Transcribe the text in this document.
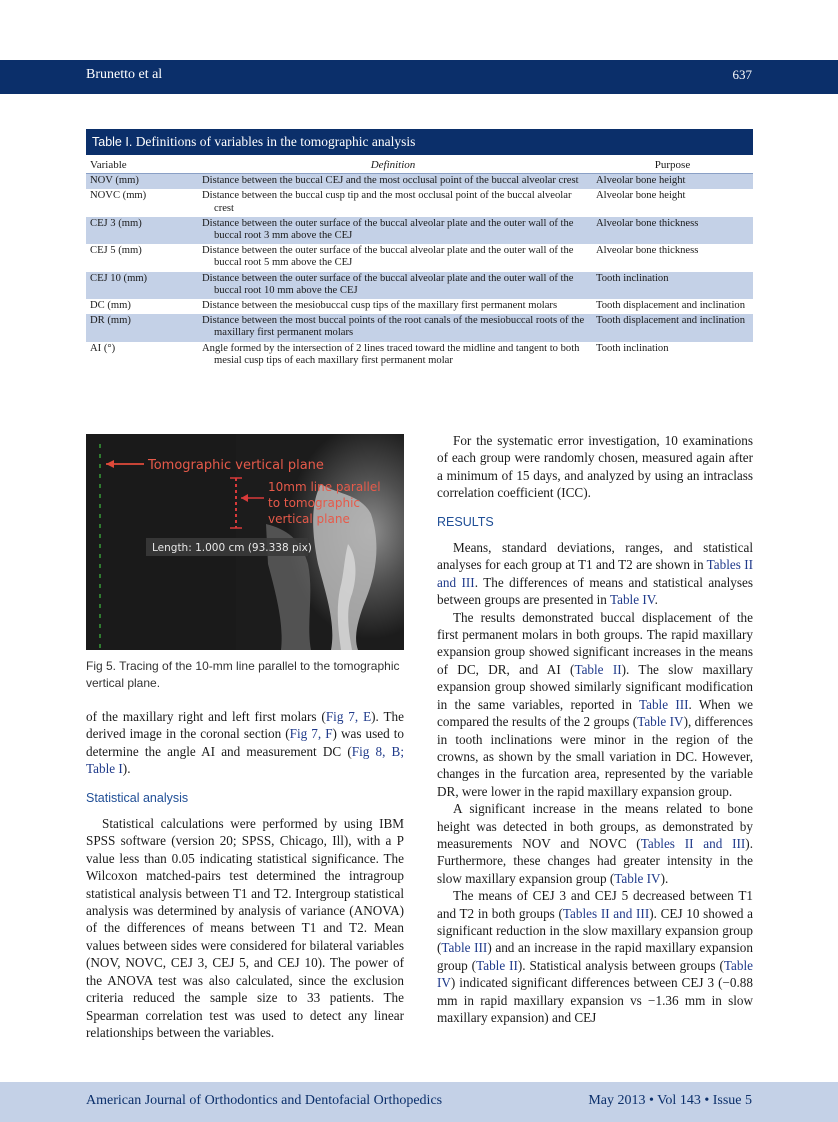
Brunetto et al	637
Table I. Definitions of variables in the tomographic analysis
Variable	Definition	Purpose
NOV (mm)	Distance between the buccal CEJ and the most occlusal point of the buccal alveolar crest	Alveolar bone height
NOVC (mm)	Distance between the buccal cusp tip and the most occlusal point of the buccal alveolar crest	Alveolar bone height
CEJ 3 (mm)	Distance between the outer surface of the buccal alveolar plate and the outer wall of the buccal root 3 mm above the CEJ	Alveolar bone thickness
CEJ 5 (mm)	Distance between the outer surface of the buccal alveolar plate and the outer wall of the buccal root 5 mm above the CEJ	Alveolar bone thickness
CEJ 10 (mm)	Distance between the outer surface of the buccal alveolar plate and the outer wall of the buccal root 10 mm above the CEJ	Tooth inclination
DC (mm)	Distance between the mesiobuccal cusp tips of the maxillary first permanent molars	Tooth displacement and inclination
DR (mm)	Distance between the most buccal points of the root canals of the mesiobuccal roots of the maxillary first permanent molars	Tooth displacement and inclination
AI (°)	Angle formed by the intersection of 2 lines traced toward the midline and tangent to both mesial cusp tips of each maxillary first permanent molar	Tooth inclination
Tomographic vertical plane
10mm line parallel
to tomographic
vertical plane
Length: 1.000 cm (93.338 pix)
Fig 5. Tracing of the 10-mm line parallel to the tomographic vertical plane.

of the maxillary right and left first molars (Fig 7, E). The derived image in the coronal section (Fig 7, F) was used to determine the angle AI and measurement DC (Fig 8, B; Table I).

Statistical analysis

Statistical calculations were performed by using IBM SPSS software (version 20; SPSS, Chicago, Ill), with a P value less than 0.05 indicating statistical significance. The Wilcoxon matched-pairs test determined the intragroup statistical analysis between T1 and T2. Intergroup statistical analysis was determined by analysis of variance (ANOVA) of the differences of means between T1 and T2. Mean values between sides were considered for bilateral variables (NOV, NOVC, CEJ 3, CEJ 5, and CEJ 10). The power of the ANOVA test was also calculated, since the exclusion criteria reduced the sample size to 33 patients. The Spearman correlation test was used to detect any linear relationships between the variables.

For the systematic error investigation, 10 examinations of each group were randomly chosen, measured again after a minimum of 15 days, and analyzed by using an intraclass correlation coefficient (ICC).

RESULTS

Means, standard deviations, ranges, and statistical analyses for each group at T1 and T2 are shown in Tables II and III. The differences of means and statistical analyses between groups are presented in Table IV.

The results demonstrated buccal displacement of the first permanent molars in both groups. The rapid maxillary expansion group showed significant increases in the means of DC, DR, and AI (Table II). The slow maxillary expansion group showed similarly significant modification in the same variables, reported in Table III. When we compared the results of the 2 groups (Table IV), differences in tooth inclinations were minor in the region of the crowns, as shown by the small variation in DC. However, changes in the furcation area, represented by the variable DR, were lower in the rapid maxillary expansion group.

A significant increase in the means related to bone height was detected in both groups, as demonstrated by measurements NOV and NOVC (Tables II and III). Furthermore, these changes had greater intensity in the slow maxillary expansion group (Table IV).

The means of CEJ 3 and CEJ 5 decreased between T1 and T2 in both groups (Tables II and III). CEJ 10 showed a significant reduction in the slow maxillary expansion group (Table III) and an increase in the rapid maxillary expansion group (Table II). Statistical analysis between groups (Table IV) indicated significant differences between CEJ 3 (−0.88 mm in rapid maxillary expansion vs −1.36 mm in slow maxillary expansion) and CEJ

American Journal of Orthodontics and Dentofacial Orthopedics	May 2013 • Vol 143 • Issue 5
